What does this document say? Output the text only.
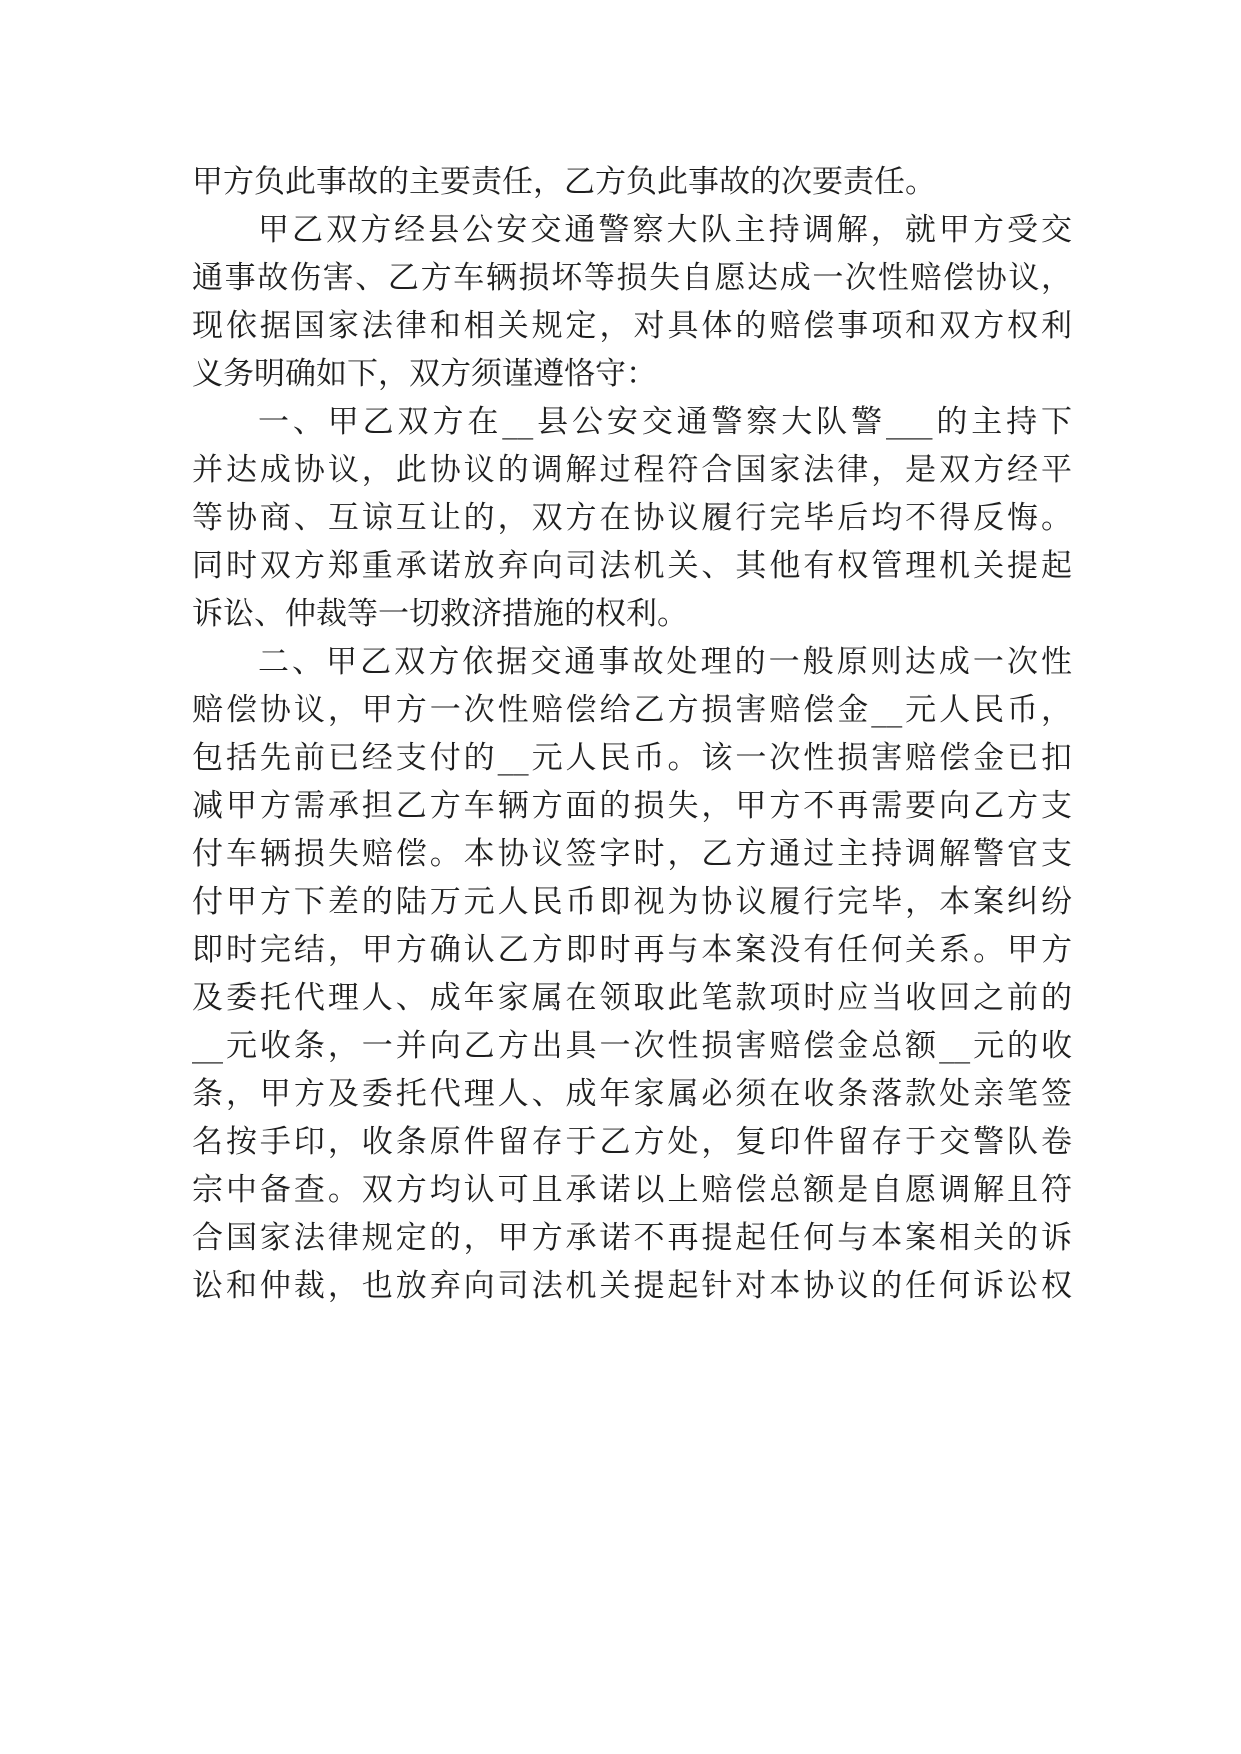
甲方负此事故的主要责任，乙方负此事故的次要责任。
甲乙双方经县公安交通警察大队主持调解，就甲方受交
通事故伤害、乙方车辆损坏等损失自愿达成一次性赔偿协议，
现依据国家法律和相关规定，对具体的赔偿事项和双方权利
义务明确如下，双方须谨遵恪守：
一、甲乙双方在__县公安交通警察大队警___的主持下
并达成协议，此协议的调解过程符合国家法律，是双方经平
等协商、互谅互让的，双方在协议履行完毕后均不得反悔。
同时双方郑重承诺放弃向司法机关、其他有权管理机关提起
诉讼、仲裁等一切救济措施的权利。
二、甲乙双方依据交通事故处理的一般原则达成一次性
赔偿协议，甲方一次性赔偿给乙方损害赔偿金__元人民币，
包括先前已经支付的__元人民币。该一次性损害赔偿金已扣
减甲方需承担乙方车辆方面的损失，甲方不再需要向乙方支
付车辆损失赔偿。本协议签字时，乙方通过主持调解警官支
付甲方下差的陆万元人民币即视为协议履行完毕，本案纠纷
即时完结，甲方确认乙方即时再与本案没有任何关系。甲方
及委托代理人、成年家属在领取此笔款项时应当收回之前的
__元收条，一并向乙方出具一次性损害赔偿金总额__元的收
条，甲方及委托代理人、成年家属必须在收条落款处亲笔签
名按手印，收条原件留存于乙方处，复印件留存于交警队卷
宗中备查。双方均认可且承诺以上赔偿总额是自愿调解且符
合国家法律规定的，甲方承诺不再提起任何与本案相关的诉
讼和仲裁，也放弃向司法机关提起针对本协议的任何诉讼权
